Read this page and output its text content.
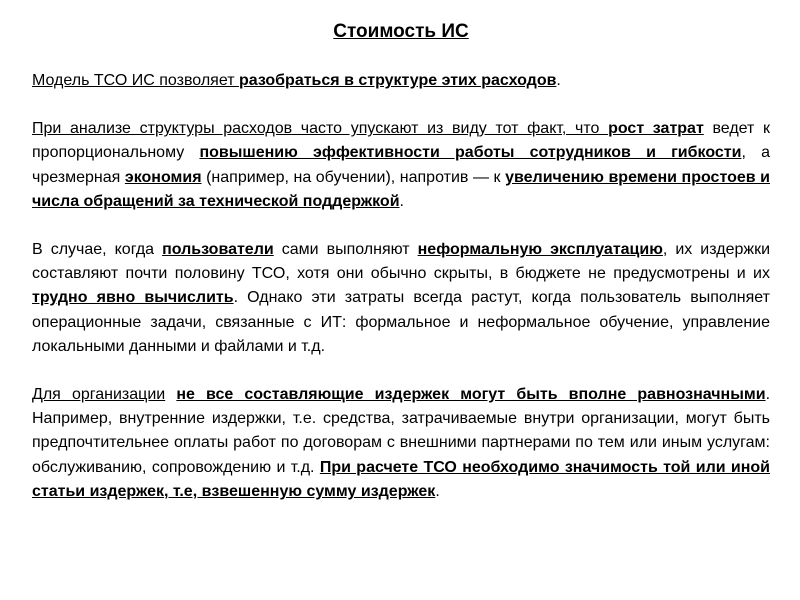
Стоимость ИС

Модель ТСО ИС позволяет разобраться в структуре этих расходов.

При анализе структуры расходов часто упускают из виду тот факт, что рост затрат ведет к пропорциональному повышению эффективности работы сотрудников и гибкости, а чрезмерная экономия (например, на обучении), напротив — к увеличению времени простоев и числа обращений за технической поддержкой.

В случае, когда пользователи сами выполняют неформальную эксплуатацию, их издержки составляют почти половину ТСО, хотя они обычно скрыты, в бюджете не предусмотрены и их трудно явно вычислить. Однако эти затраты всегда растут, когда пользователь выполняет операционные задачи, связанные с ИТ: формальное и неформальное обучение, управление локальными данными и файлами и т.д.

Для организации не все составляющие издержек могут быть вполне равнозначными. Например, внутренние издержки, т.е. средства, затрачиваемые внутри организации, могут быть предпочтительнее оплаты работ по договорам с внешними партнерами по тем или иным услугам: обслуживанию, сопровождению и т.д. При расчете ТСО необходимо значимость той или иной статьи издержек, т.е, взвешенную сумму издержек.
